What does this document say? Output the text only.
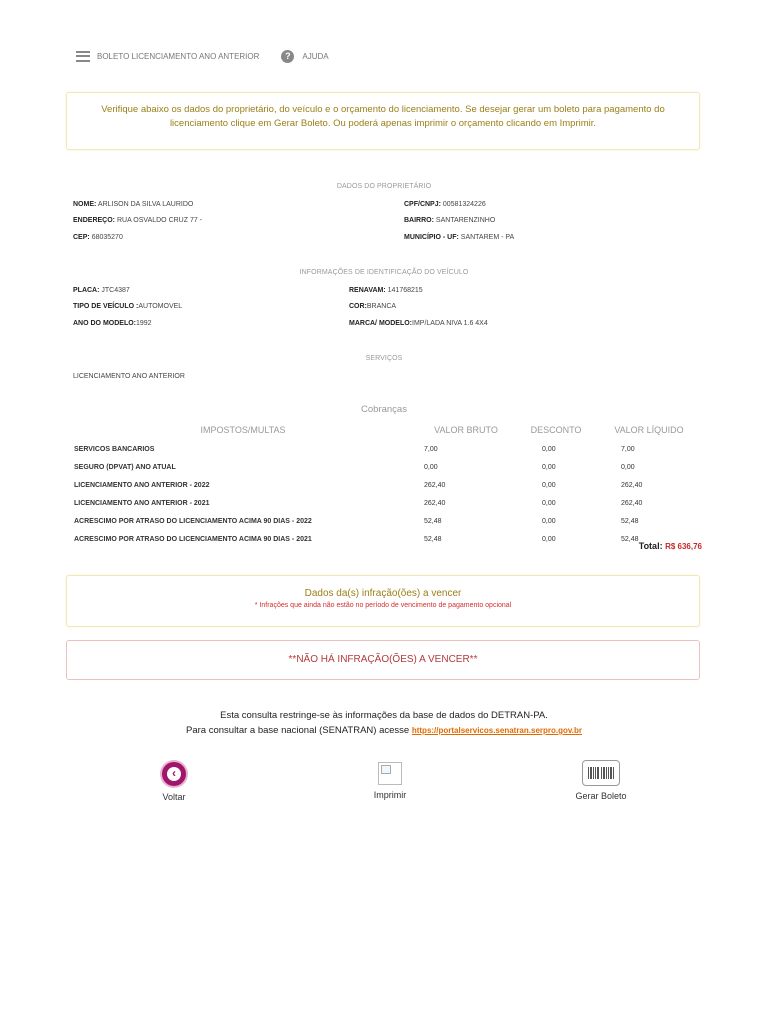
BOLETO LICENCIAMENTO ANO ANTERIOR	?	AJUDA
Verifique abaixo os dados do proprietário, do veículo e o orçamento do licenciamento. Se desejar gerar um boleto para pagamento do licenciamento clique em Gerar Boleto. Ou poderá apenas imprimir o orçamento clicando em Imprimir.
DADOS DO PROPRIETÁRIO
NOME: ARLISON DA SILVA LAURIDO	CPF/CNPJ: 00581324226
ENDEREÇO: RUA OSVALDO CRUZ 77 -	BAIRRO: SANTARENZINHO
CEP: 68035270	MUNICÍPIO - UF: SANTAREM - PA
INFORMAÇÕES DE IDENTIFICAÇÃO DO VEÍCULO
PLACA: JTC4387	RENAVAM: 141768215
TIPO DE VEÍCULO :AUTOMOVEL	COR:BRANCA
ANO DO MODELO:1992	MARCA/ MODELO:IMP/LADA NIVA 1.6 4X4
SERVIÇOS
LICENCIAMENTO ANO ANTERIOR
Cobranças
IMPOSTOS/MULTAS	VALOR BRUTO	DESCONTO	VALOR LÍQUIDO
SERVICOS BANCARIOS	7,00	0,00	7,00
SEGURO (DPVAT) ANO ATUAL	0,00	0,00	0,00
LICENCIAMENTO ANO ANTERIOR - 2022	262,40	0,00	262,40
LICENCIAMENTO ANO ANTERIOR - 2021	262,40	0,00	262,40
ACRESCIMO POR ATRASO DO LICENCIAMENTO ACIMA 90 DIAS - 2022	52,48	0,00	52,48
ACRESCIMO POR ATRASO DO LICENCIAMENTO ACIMA 90 DIAS - 2021	52,48	0,00	52,48
Total: R$ 636,76
Dados da(s) infração(ões) a vencer
* Infrações que ainda não estão no período de vencimento de pagamento opcional
**NÃO HÁ INFRAÇÃO(ÕES) A VENCER**
Esta consulta restringe-se às informações da base de dados do DETRAN-PA.
Para consultar a base nacional (SENATRAN) acesse https://portalservicos.senatran.serpro.gov.br
‹
Voltar	Imprimir	Gerar Boleto
